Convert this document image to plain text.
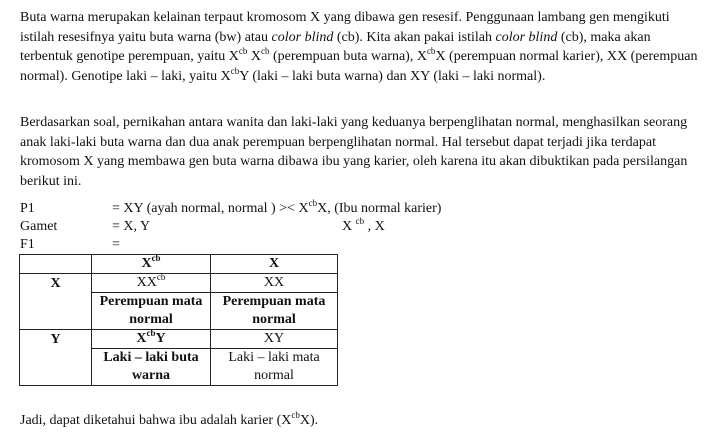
Buta warna merupakan kelainan terpaut kromosom X yang dibawa gen resesif. Penggunaan lambang gen mengikuti istilah resesifnya yaitu buta warna (bw) atau color blind (cb). Kita akan pakai istilah color blind (cb), maka akan terbentuk genotipe perempuan, yaitu $X^{cb}$ $X^{cb}$ (perempuan buta warna), $X^{cb}X$ (perempuan normal karier), XX (perempuan normal). Genotipe laki – laki, yaitu $X^{cb}Y$ (laki – laki buta warna) dan XY (laki – laki normal).

Berdasarkan soal, pernikahan antara wanita dan laki-laki yang keduanya berpenglihatan normal, menghasilkan seorang anak laki-laki buta warna dan dua anak perempuan berpenglihatan normal. Hal tersebut dapat terjadi jika terdapat kromosom X yang membawa gen buta warna dibawa ibu yang karier, oleh karena itu akan dibuktikan pada persilangan berikut ini.

P1	= XY (ayah normal, normal ) >< $X^{cb}X$, (Ibu normal karier)
Gamet	= X, Y	X $^{cb}$ , X
F1	=
	$X^{cb}$	X
X	$XX^{cb}$	XX
	Perempuan mata normal	Perempuan mata normal
Y	$X^{cb}Y$	XY
	Laki – laki buta warna	Laki – laki mata normal
Jadi, dapat diketahui bahwa ibu adalah karier $(X^{cb}X)$.
